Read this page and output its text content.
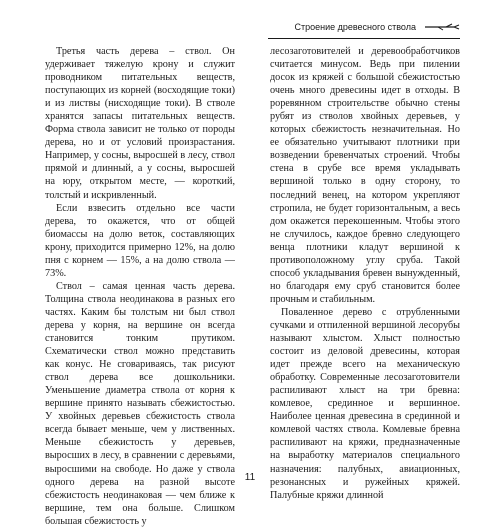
Строение древесного ствола

Третья часть дерева – ствол. Он удерживает тяжелую крону и служит проводником питательных веществ, поступающих из корней (восходящие токи) и из листвы (нисходящие токи). В стволе хранятся запасы питательных веществ. Форма ствола зависит не только от породы дерева, но и от условий произрастания. Например, у сосны, выросшей в лесу, ствол прямой и длинный, а у сосны, выросшей на юру, открытом месте, — короткий, толстый и искривленный.

Если взвесить отдельно все части дерева, то окажется, что от общей биомассы на долю веток, составляющих крону, приходится примерно 12%, на долю пня с корнем — 15%, а на долю ствола — 73%.

Ствол – самая ценная часть дерева. Толщина ствола неодинакова в разных его частях. Каким бы толстым ни был ствол дерева у корня, на вершине он всегда становится тонким прутиком. Схематически ствол можно представить как конус. Не сговариваясь, так рисуют ствол дерева все дошкольники. Уменьшение диаметра ствола от корня к вершине принято называть сбежистостью. У хвойных деревьев сбежистость ствола всегда бывает меньше, чем у лиственных. Меньше сбежистость у деревьев, выросших в лесу, в сравнении с деревьями, выросшими на свободе. Но даже у ствола одного дерева на разной высоте сбежистость неодинаковая — чем ближе к вершине, тем она больше. Слишком большая сбежистость у

лесозаготовителей и деревообработчиков считается минусом. Ведь при пилении досок из кряжей с большой сбежистостью очень много древесины идет в отходы. В роревянном строительстве обычно стены рубят из стволов хвойных деревьев, у которых сбежистость незначительная. Но ее обязательно учитывают плотники при возведении бревенчатых строений. Чтобы стена в срубе все время укладывать вершиной только в одну сторону, то последний венец, на котором укрепляют стропила, не будет горизонтальным, а весь дом окажется перекошенным. Чтобы этого не случилось, каждое бревно следующего венца плотники кладут вершиной к противоположному углу сруба. Такой способ укладывания бревен вынужденный, но благодаря ему сруб становится более прочным и стабильным.

Поваленное дерево с отрубленными сучками и отпиленной вершиной лесорубы называют хлыстом. Хлыст полностью состоит из деловой древесины, которая идет прежде всего на механическую обработку. Современные лесозаготовители распиливают хлыст на три бревна: комлевое, срединное и вершинное. Наиболее ценная древесина в срединной и комлевой частях ствола. Комлевые бревна распиливают на кряжи, предназначенные на выработку материалов специального назначения: палубных, авиационных, резонансных и ружейных кряжей. Палубные кряжи длинной

11
